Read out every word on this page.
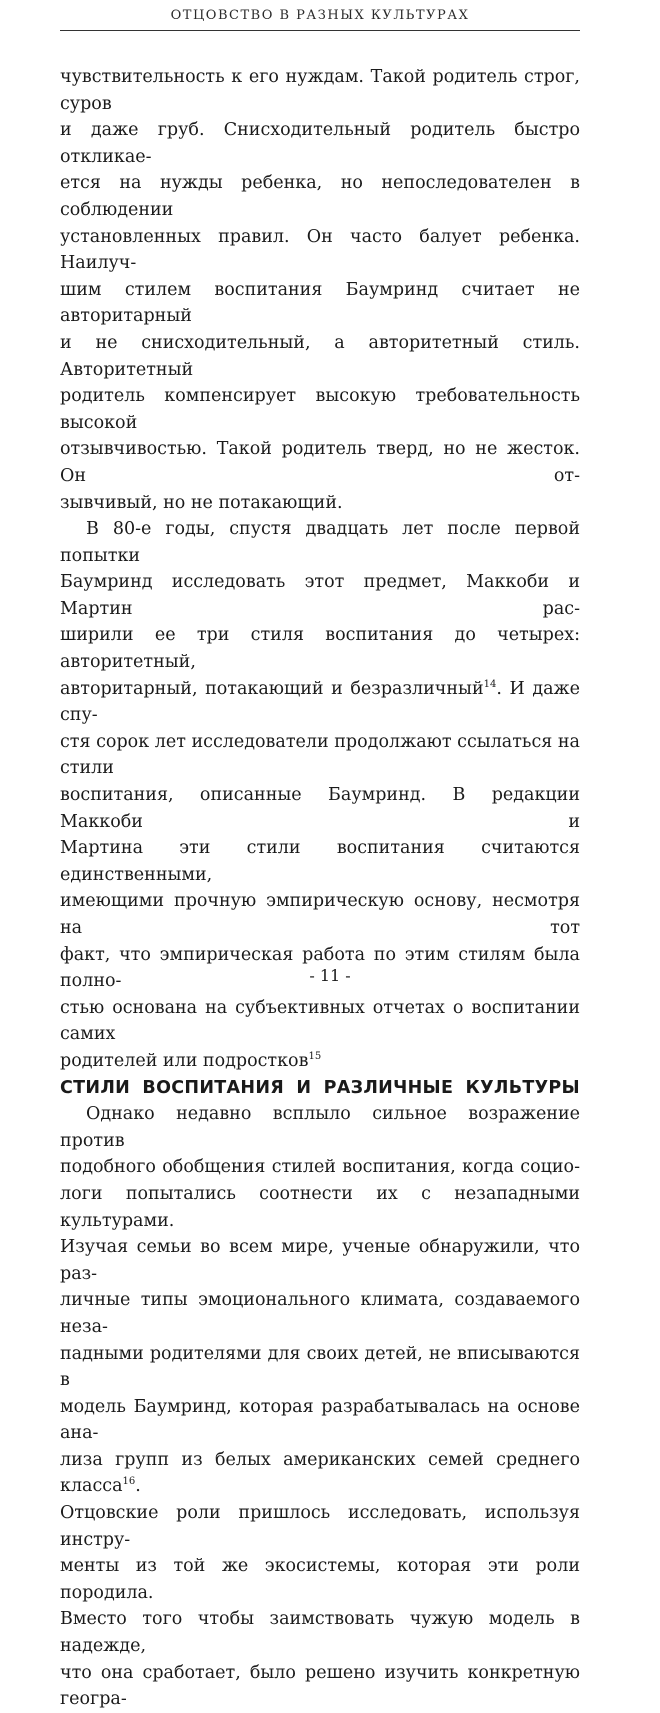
ОТЦОВСТВО В РАЗНЫХ КУЛЬТУРАХ

чувствительность к его нуждам. Такой родитель строг, суров

и даже груб. Снисходительный родитель быстро откликае-

ется на нужды ребенка, но непоследователен в соблюдении

установленных правил. Он часто балует ребенка. Наилуч-

шим стилем воспитания Баумринд считает не авторитарный

и не снисходительный, а авторитетный стиль. Авторитетный

родитель компенсирует высокую требовательность высокой

отзывчивостью. Такой родитель тверд, но не жесток. Он от-

зывчивый, но не потакающий.

В 80-е годы, спустя двадцать лет после первой попытки

Баумринд исследовать этот предмет, Маккоби и Мартин рас-

ширили ее три стиля воспитания до четырех: авторитетный,

авторитарный, потакающий и безразличный$^{14}$. И даже спу-

стя сорок лет исследователи продолжают ссылаться на стили

воспитания, описанные Баумринд. В редакции Маккоби и

Мартина эти стили воспитания считаются единственными,

имеющими прочную эмпирическую основу, несмотря на тот

факт, что эмпирическая работа по этим стилям была полно-

стью основана на субъективных отчетах о воспитании самих

родителей или подростков$^{15}$

СТИЛИ ВОСПИТАНИЯ И РАЗЛИЧНЫЕ КУЛЬТУРЫ

Однако недавно всплыло сильное возражение против

подобного обобщения стилей воспитания, когда социо-

логи попытались соотнести их с незападными культурами.

Изучая семьи во всем мире, ученые обнаружили, что раз-

личные типы эмоционального климата, создаваемого неза-

падными родителями для своих детей, не вписываются в

модель Баумринд, которая разрабатывалась на основе ана-

лиза групп из белых американских семей среднего класса$^{16}$.

Отцовские роли пришлось исследовать, используя инстру-

менты из той же экосистемы, которая эти роли породила.

Вместо того чтобы заимствовать чужую модель в надежде,

что она сработает, было решено изучить конкретную геогра-

- 11 -
